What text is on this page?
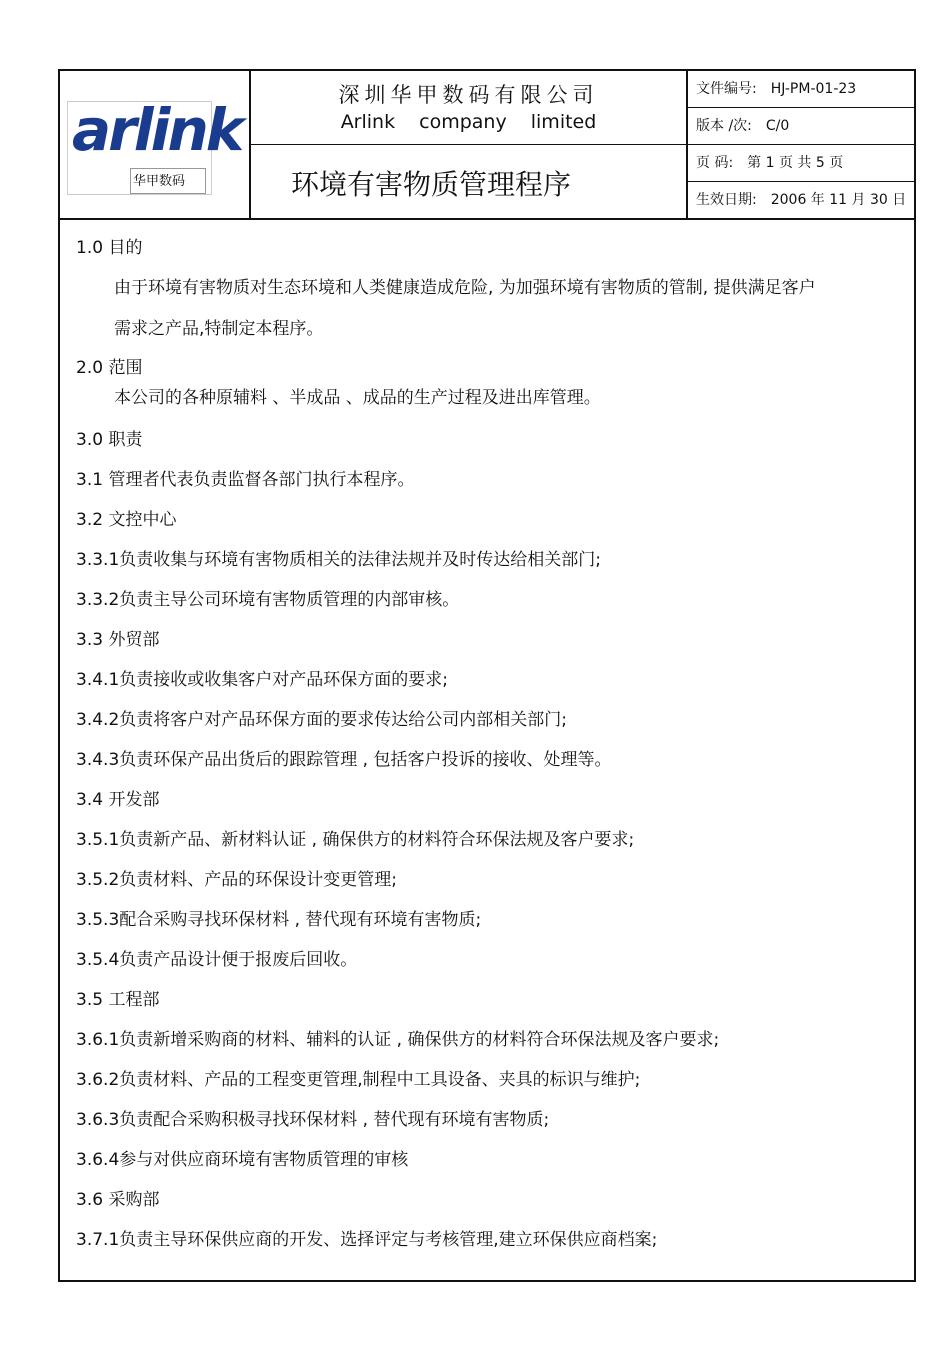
arlink
华甲数码
深圳华甲数码有限公司
Arlink company limited
环境有害物质管理程序
文件编号: HJ-PM-01-23
版本 /次: C/0
页 码: 第 1 页 共 5 页
生效日期: 2006 年 11 月 30 日
1.0 目的
由于环境有害物质对生态环境和人类健康造成危险, 为加强环境有害物质的管制, 提供满足客户
需求之产品,特制定本程序。
2.0 范围
本公司的各种原辅料 、半成品 、成品的生产过程及进出库管理。
3.0 职责
3.1 管理者代表负责监督各部门执行本程序。
3.2 文控中心
3.3.1负责收集与环境有害物质相关的法律法规并及时传达给相关部门;
3.3.2负责主导公司环境有害物质管理的内部审核。
3.3 外贸部
3.4.1负责接收或收集客户对产品环保方面的要求;
3.4.2负责将客户对产品环保方面的要求传达给公司内部相关部门;
3.4.3负责环保产品出货后的跟踪管理 , 包括客户投诉的接收、处理等。
3.4 开发部
3.5.1负责新产品、新材料认证 , 确保供方的材料符合环保法规及客户要求;
3.5.2负责材料、产品的环保设计变更管理;
3.5.3配合采购寻找环保材料 , 替代现有环境有害物质;
3.5.4负责产品设计便于报废后回收。
3.5 工程部
3.6.1负责新增采购商的材料、辅料的认证 , 确保供方的材料符合环保法规及客户要求;
3.6.2负责材料、产品的工程变更管理,制程中工具设备、夹具的标识与维护;
3.6.3负责配合采购积极寻找环保材料 , 替代现有环境有害物质;
3.6.4参与对供应商环境有害物质管理的审核
3.6 采购部
3.7.1负责主导环保供应商的开发、选择评定与考核管理,建立环保供应商档案;
